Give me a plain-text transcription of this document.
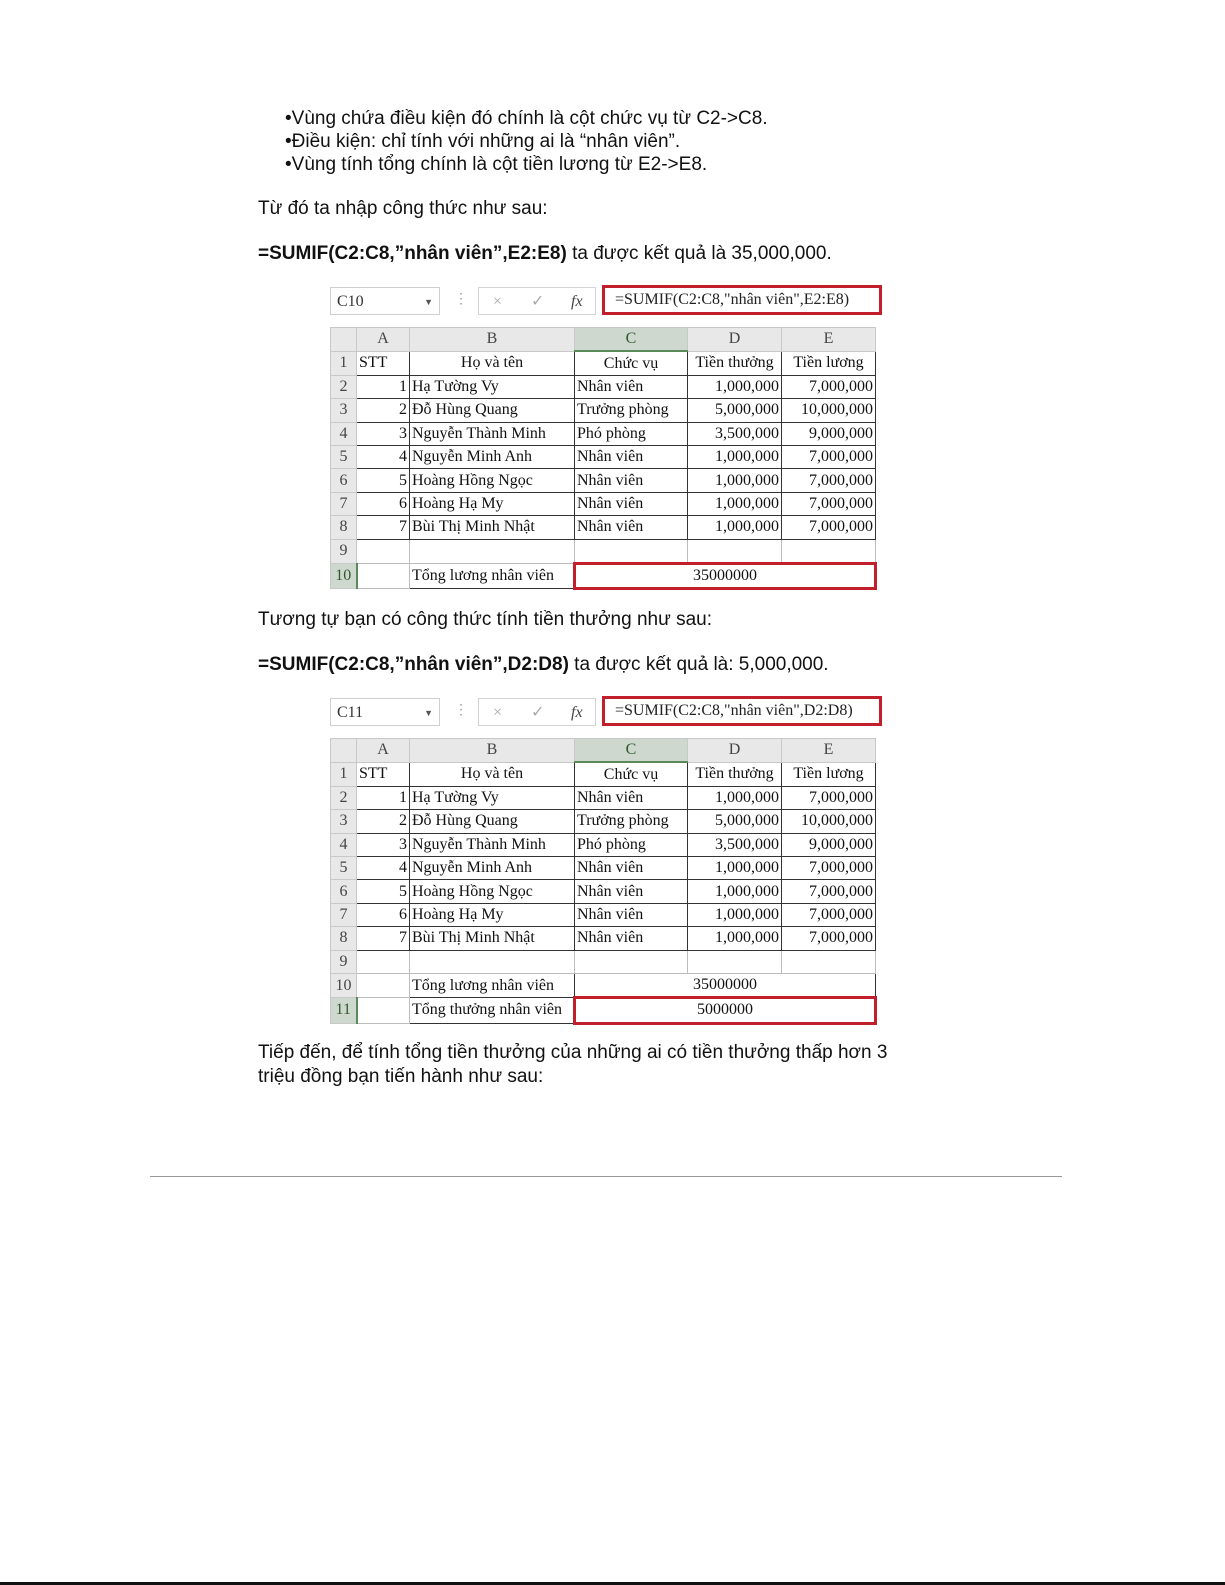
•Vùng chứa điều kiện đó chính là cột chức vụ từ C2->C8.
•Điều kiện: chỉ tính với những ai là “nhân viên”.
•Vùng tính tổng chính là cột tiền lương từ E2->E8.
Từ đó ta nhập công thức như sau:
=SUMIF(C2:C8,”nhân viên”,E2:E8) ta được kết quả là 35,000,000.
C10	▼ ⋮ × ✓ fx	=SUMIF(C2:C8,"nhân viên",E2:E8)
	A	B	C	D	E
1	STT	Họ và tên	Chức vụ	Tiền thưởng	Tiền lương
2	1	Hạ Tường Vy	Nhân viên	1,000,000	7,000,000
3	2	Đỗ Hùng Quang	Trưởng phòng	5,000,000	10,000,000
4	3	Nguyễn Thành Minh	Phó phòng	3,500,000	9,000,000
5	4	Nguyễn Minh Anh	Nhân viên	1,000,000	7,000,000
6	5	Hoàng Hồng Ngọc	Nhân viên	1,000,000	7,000,000
7	6	Hoàng Hạ My	Nhân viên	1,000,000	7,000,000
8	7	Bùi Thị Minh Nhật	Nhân viên	1,000,000	7,000,000
9					
10		Tổng lương nhân viên	35000000		
Tương tự bạn có công thức tính tiền thưởng như sau:
=SUMIF(C2:C8,”nhân viên”,D2:D8) ta được kết quả là: 5,000,000.
C11	▼ ⋮ × ✓ fx	=SUMIF(C2:C8,"nhân viên",D2:D8)
	A	B	C	D	E
1	STT	Họ và tên	Chức vụ	Tiền thưởng	Tiền lương
2	1	Hạ Tường Vy	Nhân viên	1,000,000	7,000,000
3	2	Đỗ Hùng Quang	Trưởng phòng	5,000,000	10,000,000
4	3	Nguyễn Thành Minh	Phó phòng	3,500,000	9,000,000
5	4	Nguyễn Minh Anh	Nhân viên	1,000,000	7,000,000
6	5	Hoàng Hồng Ngọc	Nhân viên	1,000,000	7,000,000
7	6	Hoàng Hạ My	Nhân viên	1,000,000	7,000,000
8	7	Bùi Thị Minh Nhật	Nhân viên	1,000,000	7,000,000
9					
10		Tổng lương nhân viên	35000000		
11		Tổng thưởng nhân viên	5000000		
Tiếp đến, để tính tổng tiền thưởng của những ai có tiền thưởng thấp hơn 3
triệu đồng bạn tiến hành như sau:
